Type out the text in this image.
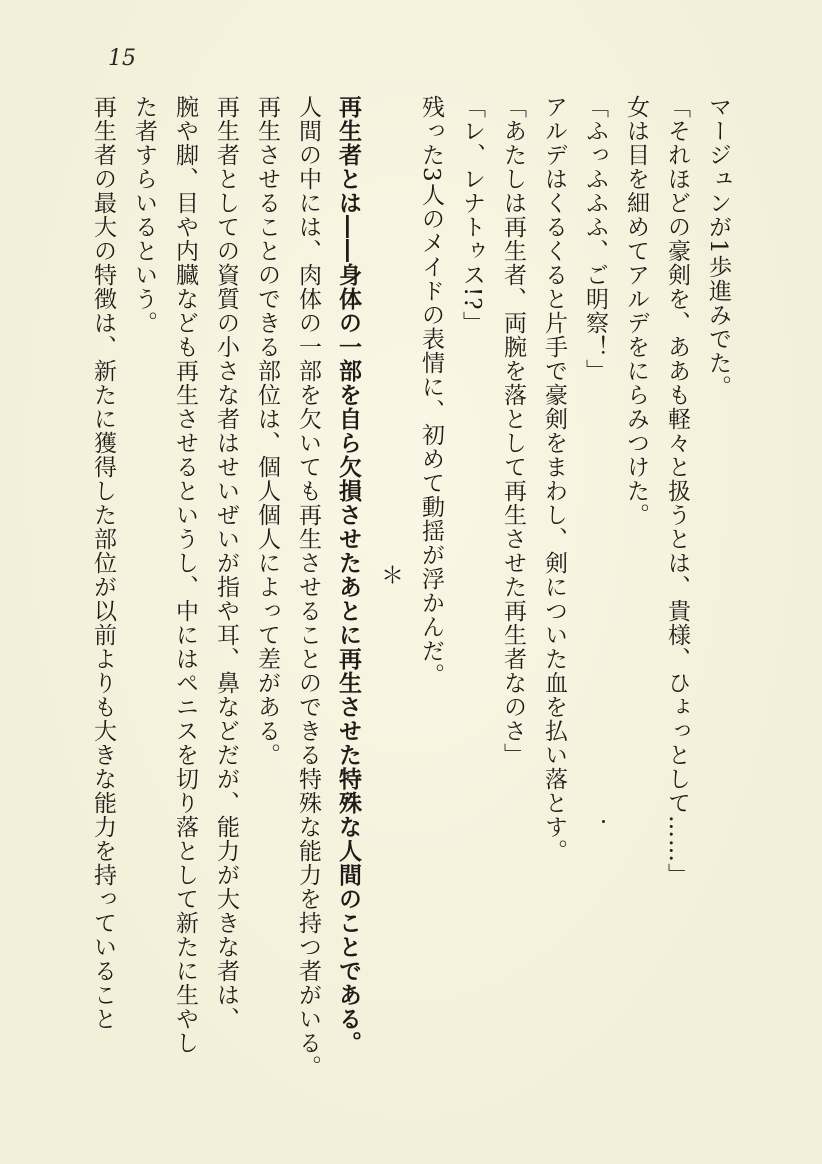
15
マージュンが1歩進みでた。
「それほどの豪剣を、ああも軽々と扱うとは、貴様、ひょっとして……」
女は目を細めてアルデをにらみつけた。
「ふっふふふ、ご明察！」
アルデはくるくると片手で豪剣をまわし、剣についた血を払い落とす。
「あたしは再生者、両腕を落として再生させた再生者なのさ」
「レ、レナトゥス!?」
残った3人のメイドの表情に、初めて動揺が浮かんだ。
＊
再生者とは――身体の一部を自ら欠損させたあとに再生させた特殊な人間のことである。
人間の中には、肉体の一部を欠いても再生させることのできる特殊な能力を持つ者がいる。
再生させることのできる部位は、個人個人によって差がある。
再生者としての資質の小さな者はせいぜいが指や耳、鼻などだが、能力が大きな者は、
腕や脚、目や内臓なども再生させるというし、中にはペニスを切り落として新たに生やし
た者すらいるという。
再生者の最大の特徴は、新たに獲得した部位が以前よりも大きな能力を持っていること
